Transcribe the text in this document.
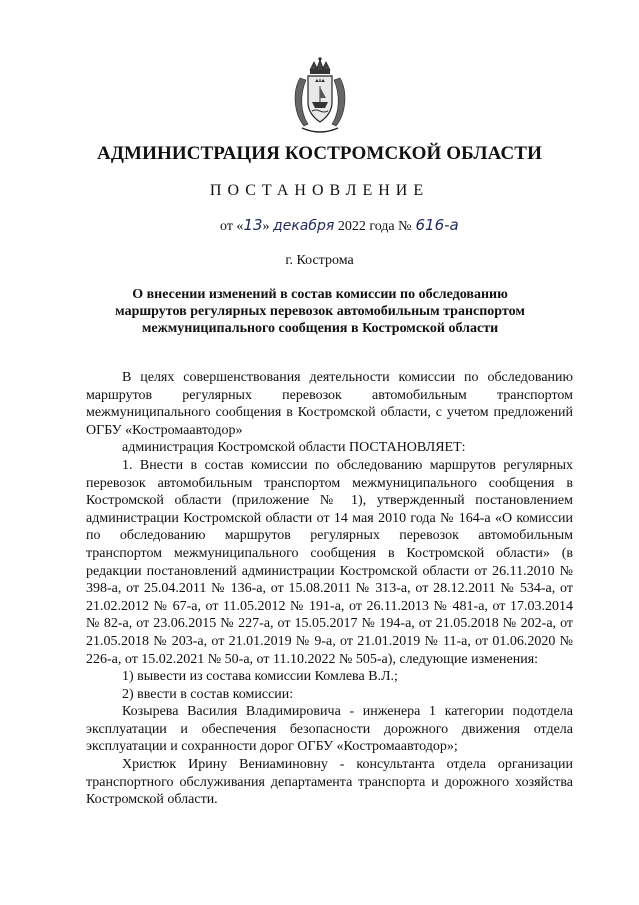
АДМИНИСТРАЦИЯ КОСТРОМСКОЙ ОБЛАСТИ
ПОСТАНОВЛЕНИЕ
от «13» декабря 2022 года № 616-а
г. Кострома
О внесении изменений в состав комиссии по обследованию
маршрутов регулярных перевозок автомобильным транспортом
межмуниципального сообщения в Костромской области

В целях совершенствования деятельности комиссии по обследованию маршрутов регулярных перевозок автомобильным транспортом межмуниципального сообщения в Костромской области, с учетом предложений ОГБУ «Костромаавтодор»

администрация Костромской области ПОСТАНОВЛЯЕТ:

1. Внести в состав комиссии по обследованию маршрутов регулярных перевозок автомобильным транспортом межмуниципального сообщения в Костромской области (приложение № 1), утвержденный постановлением администрации Костромской области от 14 мая 2010 года № 164-а «О комиссии по обследованию маршрутов регулярных перевозок автомобильным транспортом межмуниципального сообщения в Костромской области» (в редакции постановлений администрации Костромской области от 26.11.2010 № 398-а, от 25.04.2011 № 136-а, от 15.08.2011 № 313-а, от 28.12.2011 № 534-а, от 21.02.2012 № 67-а, от 11.05.2012 № 191-а, от 26.11.2013 № 481-а, от 17.03.2014 № 82-а, от 23.06.2015 № 227-а, от 15.05.2017 № 194-а, от 21.05.2018 № 202-а, от 21.05.2018 № 203-а, от 21.01.2019 № 9-а, от 21.01.2019 № 11-а, от 01.06.2020 № 226-а, от 15.02.2021 № 50-а, от 11.10.2022 № 505-а), следующие изменения:

1) вывести из состава комиссии Комлева В.Л.;

2) ввести в состав комиссии:

Козырева Василия Владимировича - инженера 1 категории подотдела эксплуатации и обеспечения безопасности дорожного движения отдела эксплуатации и сохранности дорог ОГБУ «Костромаавтодор»;

Христюк Ирину Вениаминовну - консультанта отдела организации транспортного обслуживания департамента транспорта и дорожного хозяйства Костромской области.
